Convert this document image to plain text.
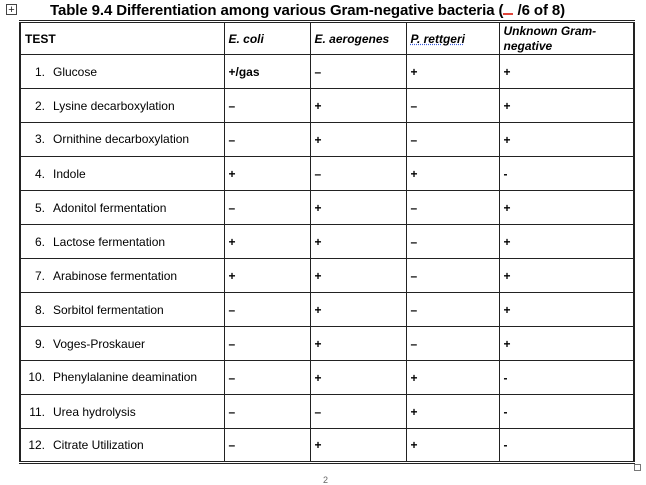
+ Table 9.4 Differentiation among various Gram-negative bacteria ( /6 of 8)
TEST	E. coli	E. aerogenes	P. rettgeri	Unknown Gram-negative

1. Glucose	+/gas	–	+	+

2. Lysine decarboxylation	–	+	–	+

3. Ornithine decarboxylation	–	+	–	+

4. Indole	+	–	+	-

5. Adonitol fermentation	–	+	–	+

6. Lactose fermentation	+	+	–	+

7. Arabinose fermentation	+	+	–	+

8. Sorbitol fermentation	–	+	–	+

9. Voges-Proskauer	–	+	–	+

10. Phenylalanine deamination	–	+	+	-

11. Urea hydrolysis	–	–	+	-

12. Citrate Utilization	–	+	+	-
2
